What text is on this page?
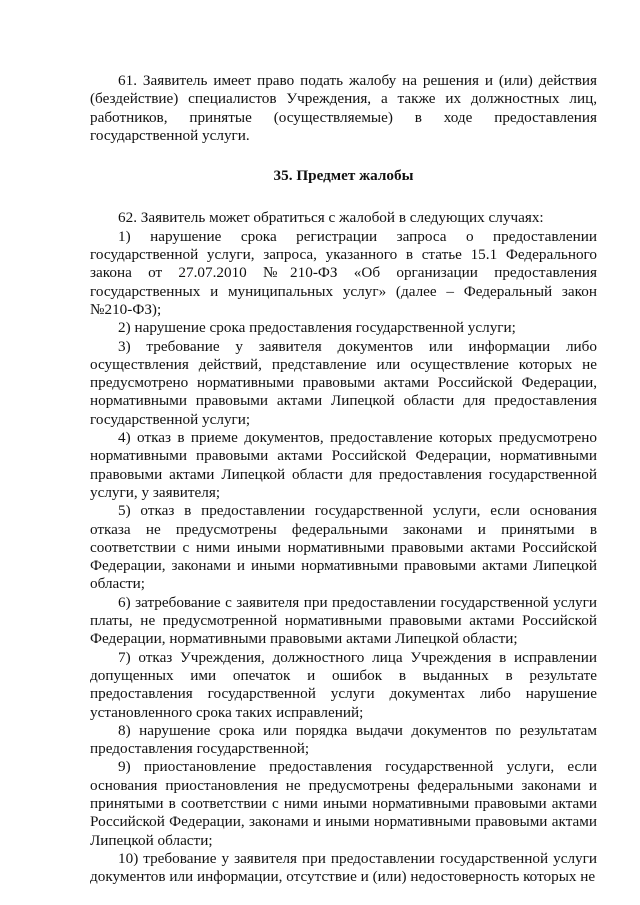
61. Заявитель имеет право подать жалобу на решения и (или) действия (бездействие) специалистов Учреждения, а также их должностных лиц, работников, принятые (осуществляемые) в ходе предоставления государственной услуги.

35. Предмет жалобы

62. Заявитель может обратиться с жалобой в следующих случаях:

1) нарушение срока регистрации запроса о предоставлении государственной услуги, запроса, указанного в статье 15.1 Федерального закона от 27.07.2010 №210-ФЗ «Об организации предоставления государственных и муниципальных услуг» (далее – Федеральный закон №210-ФЗ);

2) нарушение срока предоставления государственной услуги;

3) требование у заявителя документов или информации либо осуществления действий, представление или осуществление которых не предусмотрено нормативными правовыми актами Российской Федерации, нормативными правовыми актами Липецкой области для предоставления государственной услуги;

4) отказ в приеме документов, предоставление которых предусмотрено нормативными правовыми актами Российской Федерации, нормативными правовыми актами Липецкой области для предоставления государственной услуги, у заявителя;

5) отказ в предоставлении государственной услуги, если основания отказа не предусмотрены федеральными законами и принятыми в соответствии с ними иными нормативными правовыми актами Российской Федерации, законами и иными нормативными правовыми актами Липецкой области;

6) затребование с заявителя при предоставлении государственной услуги платы, не предусмотренной нормативными правовыми актами Российской Федерации, нормативными правовыми актами Липецкой области;

7) отказ Учреждения, должностного лица Учреждения в исправлении допущенных ими опечаток и ошибок в выданных в результате предоставления государственной услуги документах либо нарушение установленного срока таких исправлений;

8) нарушение срока или порядка выдачи документов по результатам предоставления государственной;

9) приостановление предоставления государственной услуги, если основания приостановления не предусмотрены федеральными законами и принятыми в соответствии с ними иными нормативными правовыми актами Российской Федерации, законами и иными нормативными правовыми актами Липецкой области;

10) требование у заявителя при предоставлении государственной услуги документов или информации, отсутствие и (или) недостоверность которых не
